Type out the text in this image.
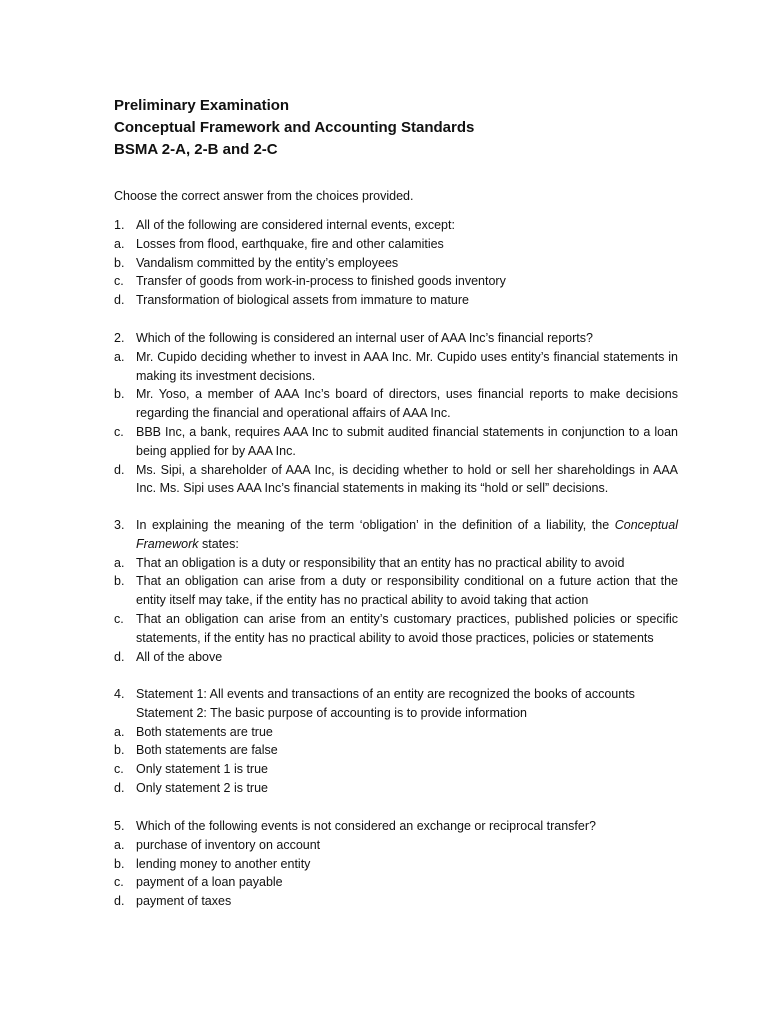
Preliminary Examination
Conceptual Framework and Accounting Standards
BSMA 2-A, 2-B and 2-C
Choose the correct answer from the choices provided.
1. All of the following are considered internal events, except:
a. Losses from flood, earthquake, fire and other calamities
b. Vandalism committed by the entity’s employees
c. Transfer of goods from work-in-process to finished goods inventory
d. Transformation of biological assets from immature to mature
2. Which of the following is considered an internal user of AAA Inc’s financial reports?
a. Mr. Cupido deciding whether to invest in AAA Inc. Mr. Cupido uses entity’s financial statements in making its investment decisions.
b. Mr. Yoso, a member of AAA Inc’s board of directors, uses financial reports to make decisions regarding the financial and operational affairs of AAA Inc.
c. BBB Inc, a bank, requires AAA Inc to submit audited financial statements in conjunction to a loan being applied for by AAA Inc.
d. Ms. Sipi, a shareholder of AAA Inc, is deciding whether to hold or sell her shareholdings in AAA Inc. Ms. Sipi uses AAA Inc’s financial statements in making its “hold or sell” decisions.
3. In explaining the meaning of the term ‘obligation’ in the definition of a liability, the Conceptual Framework states:
a. That an obligation is a duty or responsibility that an entity has no practical ability to avoid
b. That an obligation can arise from a duty or responsibility conditional on a future action that the entity itself may take, if the entity has no practical ability to avoid taking that action
c. That an obligation can arise from an entity’s customary practices, published policies or specific statements, if the entity has no practical ability to avoid those practices, policies or statements
d. All of the above
4. Statement 1: All events and transactions of an entity are recognized the books of accounts
Statement 2: The basic purpose of accounting is to provide information
a. Both statements are true
b. Both statements are false
c. Only statement 1 is true
d. Only statement 2 is true
5. Which of the following events is not considered an exchange or reciprocal transfer?
a. purchase of inventory on account
b. lending money to another entity
c. payment of a loan payable
d. payment of taxes
